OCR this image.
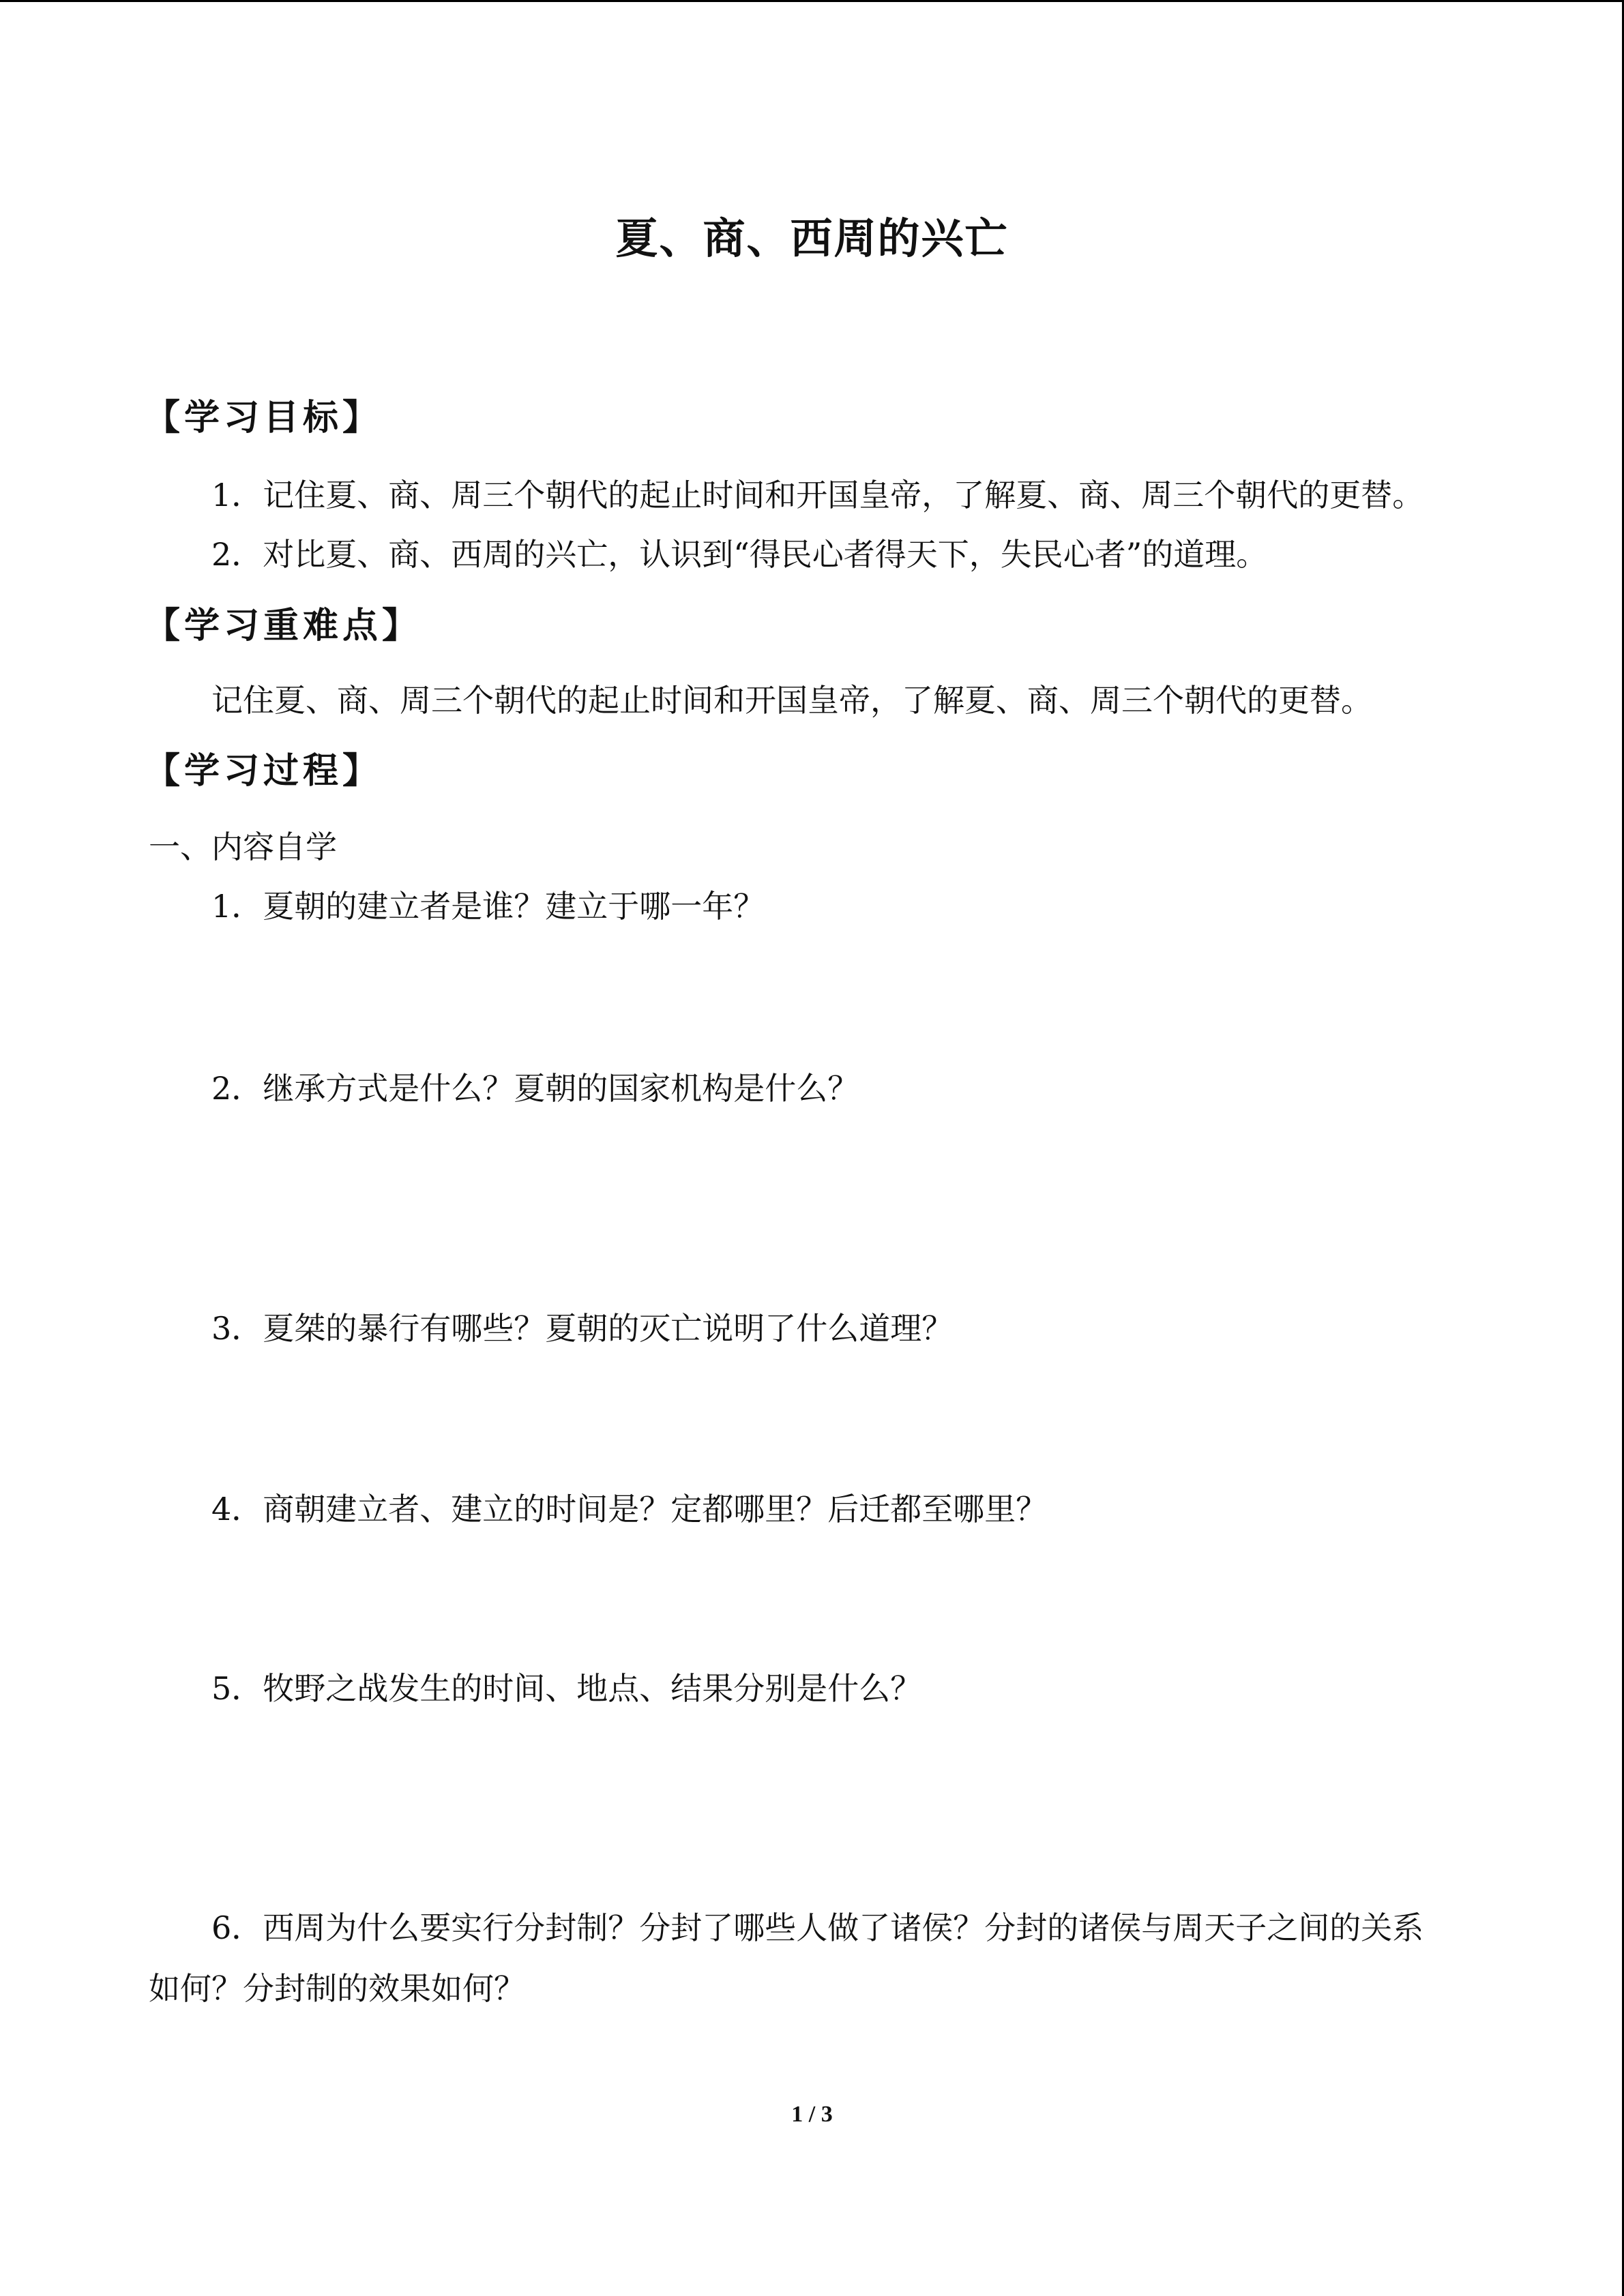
夏、商、西周的兴亡
【学习目标】
1．记住夏、商、周三个朝代的起止时间和开国皇帝，了解夏、商、周三个朝代的更替。
2．对比夏、商、西周的兴亡，认识到“得民心者得天下，失民心者”的道理。
【学习重难点】
记住夏、商、周三个朝代的起止时间和开国皇帝，了解夏、商、周三个朝代的更替。
【学习过程】
一、内容自学
1．夏朝的建立者是谁？建立于哪一年？
2．继承方式是什么？夏朝的国家机构是什么？
3．夏桀的暴行有哪些？夏朝的灭亡说明了什么道理？
4．商朝建立者、建立的时间是？定都哪里？后迁都至哪里？
5．牧野之战发生的时间、地点、结果分别是什么？
6．西周为什么要实行分封制？分封了哪些人做了诸侯？分封的诸侯与周天子之间的关系
如何？分封制的效果如何？
1 / 3
